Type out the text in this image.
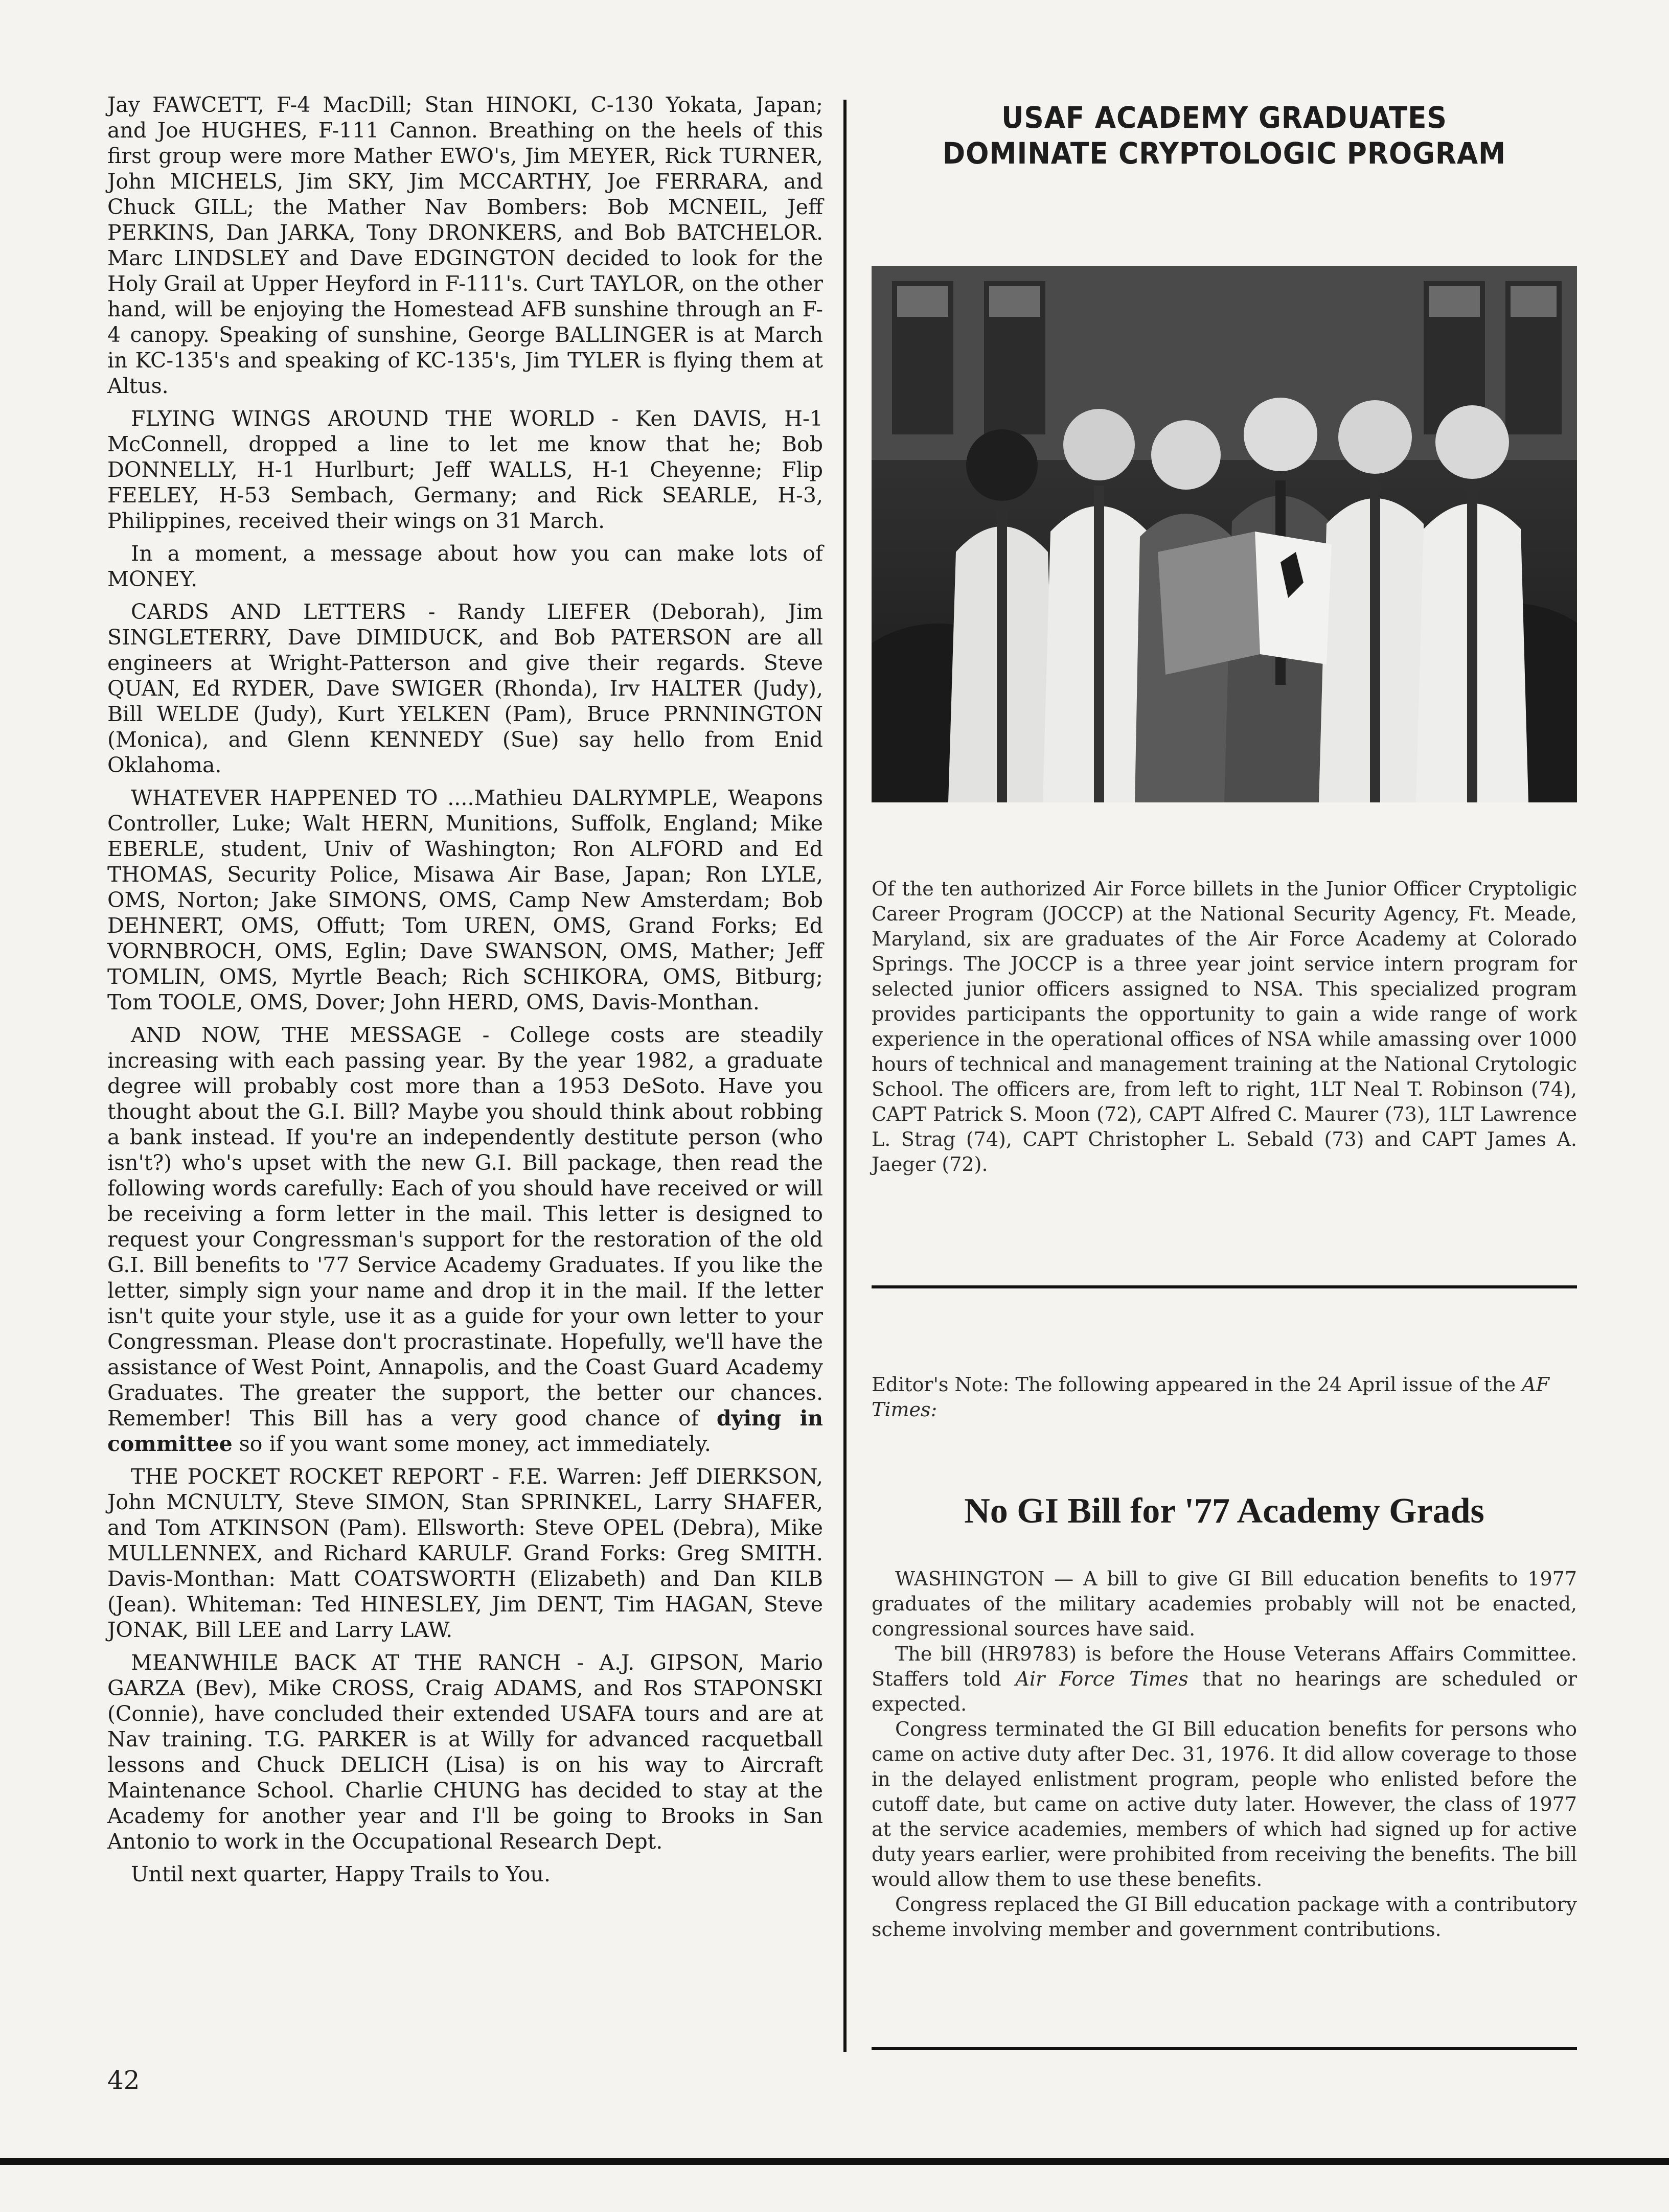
Jay FAWCETT, F-4 MacDill; Stan HINOKI, C-130 Yokata, Japan; and Joe HUGHES, F-111 Cannon. Breathing on the heels of this first group were more Mather EWO's, Jim MEYER, Rick TURNER, John MICHELS, Jim SKY, Jim MCCARTHY, Joe FERRARA, and Chuck GILL; the Mather Nav Bombers: Bob MCNEIL, Jeff PERKINS, Dan JARKA, Tony DRONKERS, and Bob BATCHELOR. Marc LINDSLEY and Dave EDGINGTON decided to look for the Holy Grail at Upper Heyford in F-111's. Curt TAYLOR, on the other hand, will be enjoying the Homestead AFB sunshine through an F-4 canopy. Speaking of sunshine, George BALLINGER is at March in KC-135's and speaking of KC-135's, Jim TYLER is flying them at Altus.

FLYING WINGS AROUND THE WORLD - Ken DAVIS, H-1 McConnell, dropped a line to let me know that he; Bob DONNELLY, H-1 Hurlburt; Jeff WALLS, H-1 Cheyenne; Flip FEELEY, H-53 Sembach, Germany; and Rick SEARLE, H-3, Philippines, received their wings on 31 March.

In a moment, a message about how you can make lots of MONEY.

CARDS AND LETTERS - Randy LIEFER (Deborah), Jim SINGLETERRY, Dave DIMIDUCK, and Bob PATERSON are all engineers at Wright-Patterson and give their regards. Steve QUAN, Ed RYDER, Dave SWIGER (Rhonda), Irv HALTER (Judy), Bill WELDE (Judy), Kurt YELKEN (Pam), Bruce PRNNINGTON (Monica), and Glenn KENNEDY (Sue) say hello from Enid Oklahoma.

WHATEVER HAPPENED TO ....Mathieu DALRYMPLE, Weapons Controller, Luke; Walt HERN, Munitions, Suffolk, England; Mike EBERLE, student, Univ of Washington; Ron ALFORD and Ed THOMAS, Security Police, Misawa Air Base, Japan; Ron LYLE, OMS, Norton; Jake SIMONS, OMS, Camp New Amsterdam; Bob DEHNERT, OMS, Offutt; Tom UREN, OMS, Grand Forks; Ed VORNBROCH, OMS, Eglin; Dave SWANSON, OMS, Mather; Jeff TOMLIN, OMS, Myrtle Beach; Rich SCHIKORA, OMS, Bitburg; Tom TOOLE, OMS, Dover; John HERD, OMS, Davis-Monthan.

AND NOW, THE MESSAGE - College costs are steadily increasing with each passing year. By the year 1982, a graduate degree will probably cost more than a 1953 DeSoto. Have you thought about the G.I. Bill? Maybe you should think about robbing a bank instead. If you're an independently destitute person (who isn't?) who's upset with the new G.I. Bill package, then read the following words carefully: Each of you should have received or will be receiving a form letter in the mail. This letter is designed to request your Congressman's support for the restoration of the old G.I. Bill benefits to '77 Service Academy Graduates. If you like the letter, simply sign your name and drop it in the mail. If the letter isn't quite your style, use it as a guide for your own letter to your Congressman. Please don't procrastinate. Hopefully, we'll have the assistance of West Point, Annapolis, and the Coast Guard Academy Graduates. The greater the support, the better our chances. Remember! This Bill has a very good chance of dying in committee so if you want some money, act immediately.

THE POCKET ROCKET REPORT - F.E. Warren: Jeff DIERKSON, John MCNULTY, Steve SIMON, Stan SPRINKEL, Larry SHAFER, and Tom ATKINSON (Pam). Ellsworth: Steve OPEL (Debra), Mike MULLENNEX, and Richard KARULF. Grand Forks: Greg SMITH. Davis-Monthan: Matt COATSWORTH (Elizabeth) and Dan KILB (Jean). Whiteman: Ted HINESLEY, Jim DENT, Tim HAGAN, Steve JONAK, Bill LEE and Larry LAW.

MEANWHILE BACK AT THE RANCH - A.J. GIPSON, Mario GARZA (Bev), Mike CROSS, Craig ADAMS, and Ros STAPONSKI (Connie), have concluded their extended USAFA tours and are at Nav training. T.G. PARKER is at Willy for advanced racquetball lessons and Chuck DELICH (Lisa) is on his way to Aircraft Maintenance School. Charlie CHUNG has decided to stay at the Academy for another year and I'll be going to Brooks in San Antonio to work in the Occupational Research Dept.

Until next quarter, Happy Trails to You.

42
USAF ACADEMY GRADUATES
DOMINATE CRYPTOLOGIC PROGRAM
Of the ten authorized Air Force billets in the Junior Officer Cryptoligic Career Program (JOCCP) at the National Security Agency, Ft. Meade, Maryland, six are graduates of the Air Force Academy at Colorado Springs. The JOCCP is a three year joint service intern program for selected junior officers assigned to NSA. This specialized program provides participants the opportunity to gain a wide range of work experience in the operational offices of NSA while amassing over 1000 hours of technical and management training at the National Crytologic School. The officers are, from left to right, 1LT Neal T. Robinson (74), CAPT Patrick S. Moon (72), CAPT Alfred C. Maurer (73), 1LT Lawrence L. Strag (74), CAPT Christopher L. Sebald (73) and CAPT James A. Jaeger (72).
Editor's Note: The following appeared in the 24 April issue of the AF Times:
No GI Bill for '77 Academy Grads

WASHINGTON — A bill to give GI Bill education benefits to 1977 graduates of the military academies probably will not be enacted, congressional sources have said.

The bill (HR9783) is before the House Veterans Affairs Committee. Staffers told Air Force Times that no hearings are scheduled or expected.

Congress terminated the GI Bill education benefits for persons who came on active duty after Dec. 31, 1976. It did allow coverage to those in the delayed enlistment program, people who enlisted before the cutoff date, but came on active duty later. However, the class of 1977 at the service academies, members of which had signed up for active duty years earlier, were prohibited from receiving the benefits. The bill would allow them to use these benefits.

Congress replaced the GI Bill education package with a contributory scheme involving member and government contributions.
